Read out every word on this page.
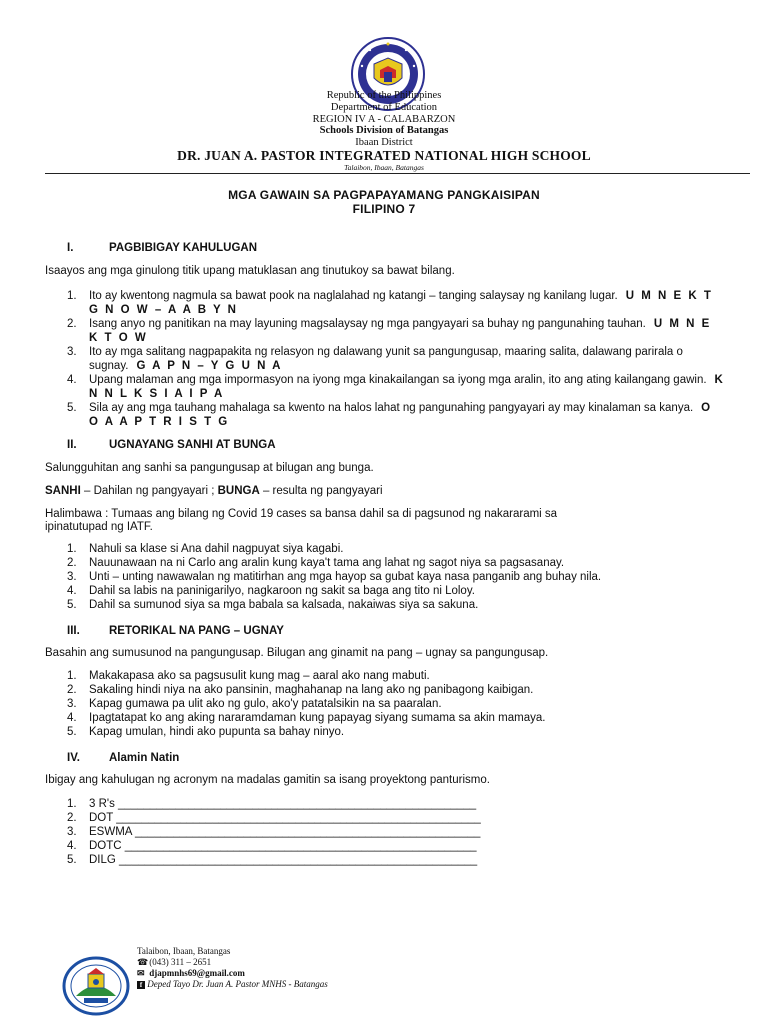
Republic of the Philippines
Department of Education
REGION IV A - CALABARZON
Schools Division of Batangas
Ibaan District
DR. JUAN A. PASTOR INTEGRATED NATIONAL HIGH SCHOOL
Talaibon, Ibaan, Batangas
MGA GAWAIN SA PAGPAPAYAMANG PANGKAISIPAN
FILIPINO 7
I.	PAGBIBIGAY KAHULUGAN
Isaayos ang mga ginulong titik upang matuklasan ang tinutukoy sa bawat bilang.
1. Ito ay kwentong nagmula sa bawat pook na naglalahad ng katangi – tanging salaysay ng kanilang lugar. U M N E K T G N O W – A A B Y N
2. Isang anyo ng panitikan na may layuning magsalaysay ng mga pangyayari sa buhay ng pangunahing tauhan. U M N E K T O W
3. Ito ay mga salitang nagpapakita ng relasyon ng dalawang yunit sa pangungusap, maaring salita, dalawang parirala o sugnay. G A P N – Y G U N A
4. Upang malaman ang mga impormasyon na iyong mga kinakailangan sa iyong mga aralin, ito ang ating kailangang gawin. K N N L K S I A I P A
5. Sila ay ang mga tauhang mahalaga sa kwento na halos lahat ng pangunahing pangyayari ay may kinalaman sa kanya. O O A A P T R I S T G
II.	UGNAYANG SANHI AT BUNGA
Salungguhitan ang sanhi sa pangungusap at bilugan ang bunga.
SANHI – Dahilan ng pangyayari ; BUNGA – resulta ng pangyayari
Halimbawa : Tumaas ang bilang ng Covid 19 cases sa bansa dahil sa di pagsunod ng nakararami sa
ipinatutupad ng IATF.
1. Nahuli sa klase si Ana dahil nagpuyat siya kagabi.
2. Nauunawaan na ni Carlo ang aralin kung kaya't tama ang lahat ng sagot niya sa pagsasanay.
3. Unti – unting nawawalan ng matitirhan ang mga hayop sa gubat kaya nasa panganib ang buhay nila.
4. Dahil sa labis na paninigarilyo, nagkaroon ng sakit sa baga ang tito ni Loloy.
5. Dahil sa sumunod siya sa mga babala sa kalsada, nakaiwas siya sa sakuna.
III.	RETORIKAL NA PANG – UGNAY
Basahin ang sumusunod na pangungusap. Bilugan ang ginamit na pang – ugnay sa pangungusap.
1. Makakapasa ako sa pagsusulit kung mag – aaral ako nang mabuti.
2. Sakaling hindi niya na ako pansinin, maghahanap na lang ako ng panibagong kaibigan.
3. Kapag gumawa pa ulit ako ng gulo, ako'y patatalsikin na sa paaralan.
4. Ipagtatapat ko ang aking nararamdaman kung papayag siyang sumama sa akin mamaya.
5. Kapag umulan, hindi ako pupunta sa bahay ninyo.
IV.	Alamin Natin
Ibigay ang kahulugan ng acronym na madalas gamitin sa isang proyektong panturismo.
1. 3 R's ________________________________________________________
2. DOT _________________________________________________________
3. ESWMA ______________________________________________________
4. DOTC _______________________________________________________
5. DILG ________________________________________________________
Talaibon, Ibaan, Batangas
☎ (043) 311 – 2651
✉ djapmnhs69@gmail.com
f Deped Tayo Dr. Juan A. Pastor MNHS - Batangas
